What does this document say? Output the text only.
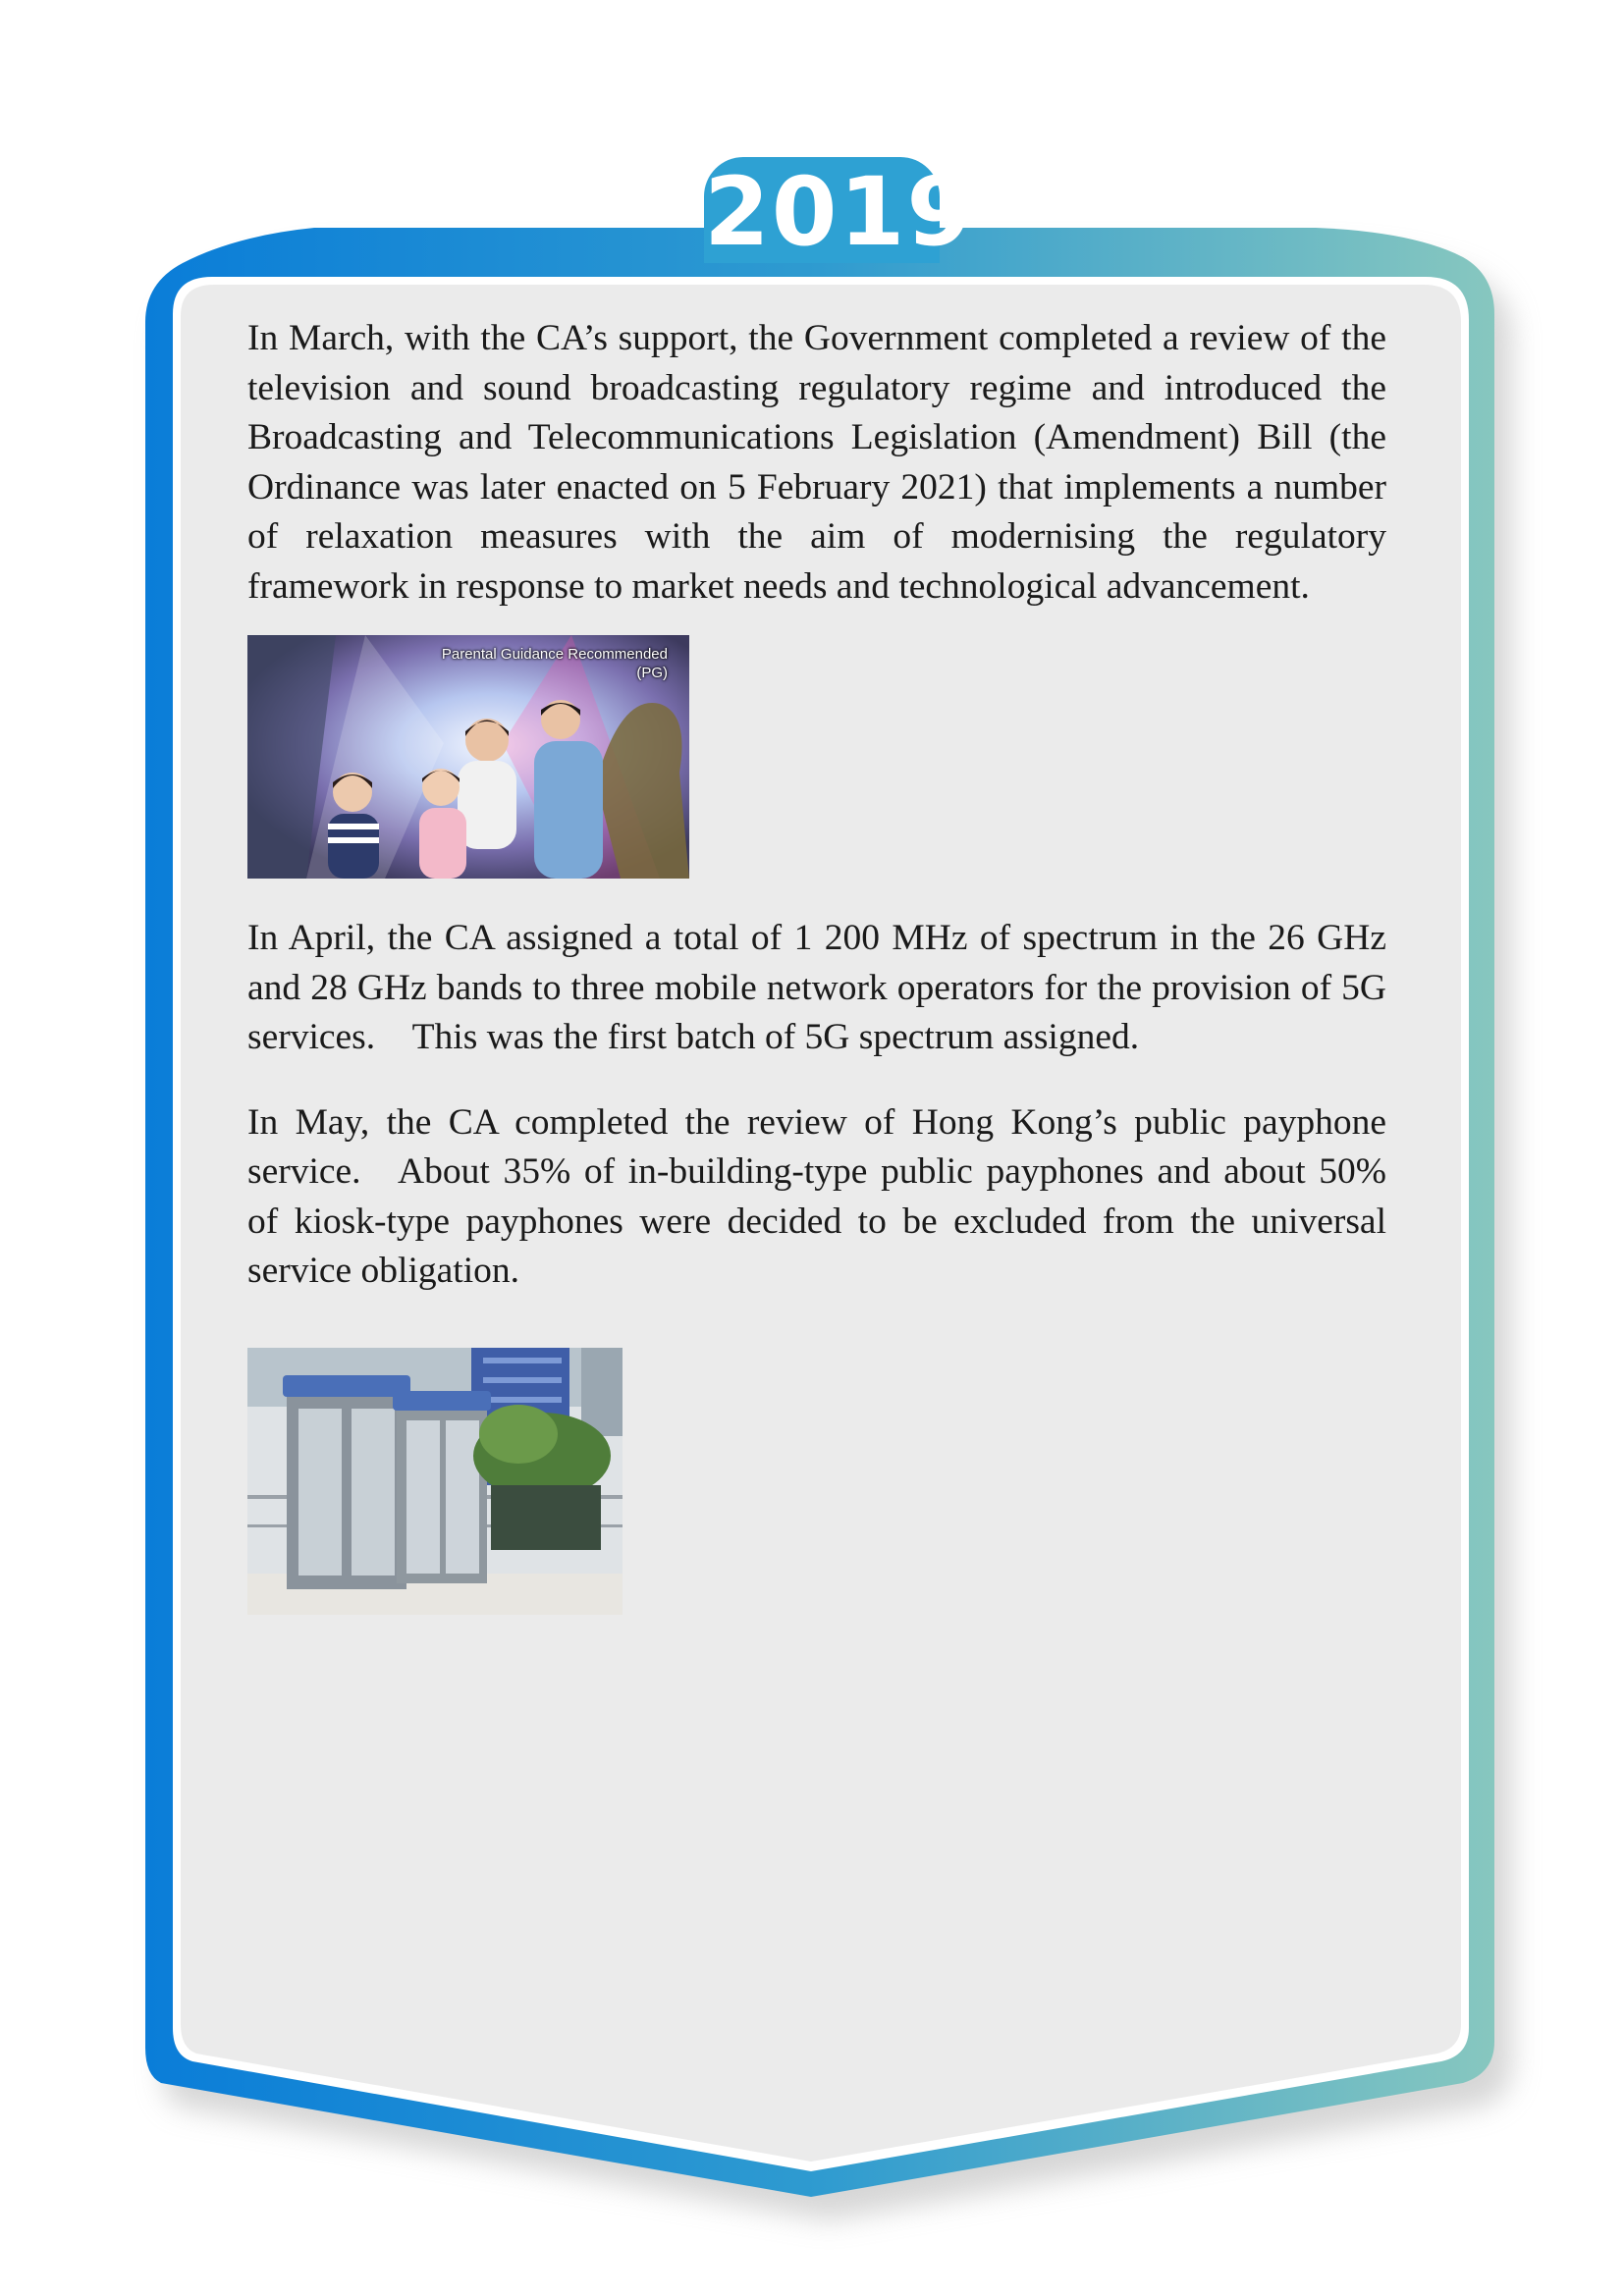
2019

In March, with the CA’s support, the Government completed a review of the television and sound broadcasting regulatory regime and introduced the Broadcasting and Telecommunications Legislation (Amendment) Bill (the Ordinance was later enacted on 5 February 2021) that implements a number of relaxation measures with the aim of modernising the regulatory framework in response to market needs and technological advancement.

Parental Guidance Recommended
(PG)

In April, the CA assigned a total of 1 200 MHz of spectrum in the 26 GHz and 28 GHz bands to three mobile network operators for the provision of 5G services. This was the first batch of 5G spectrum assigned.

In May, the CA completed the review of Hong Kong’s public payphone service. About 35% of in-building-type public payphones and about 50% of kiosk-type payphones were decided to be excluded from the universal service obligation.
